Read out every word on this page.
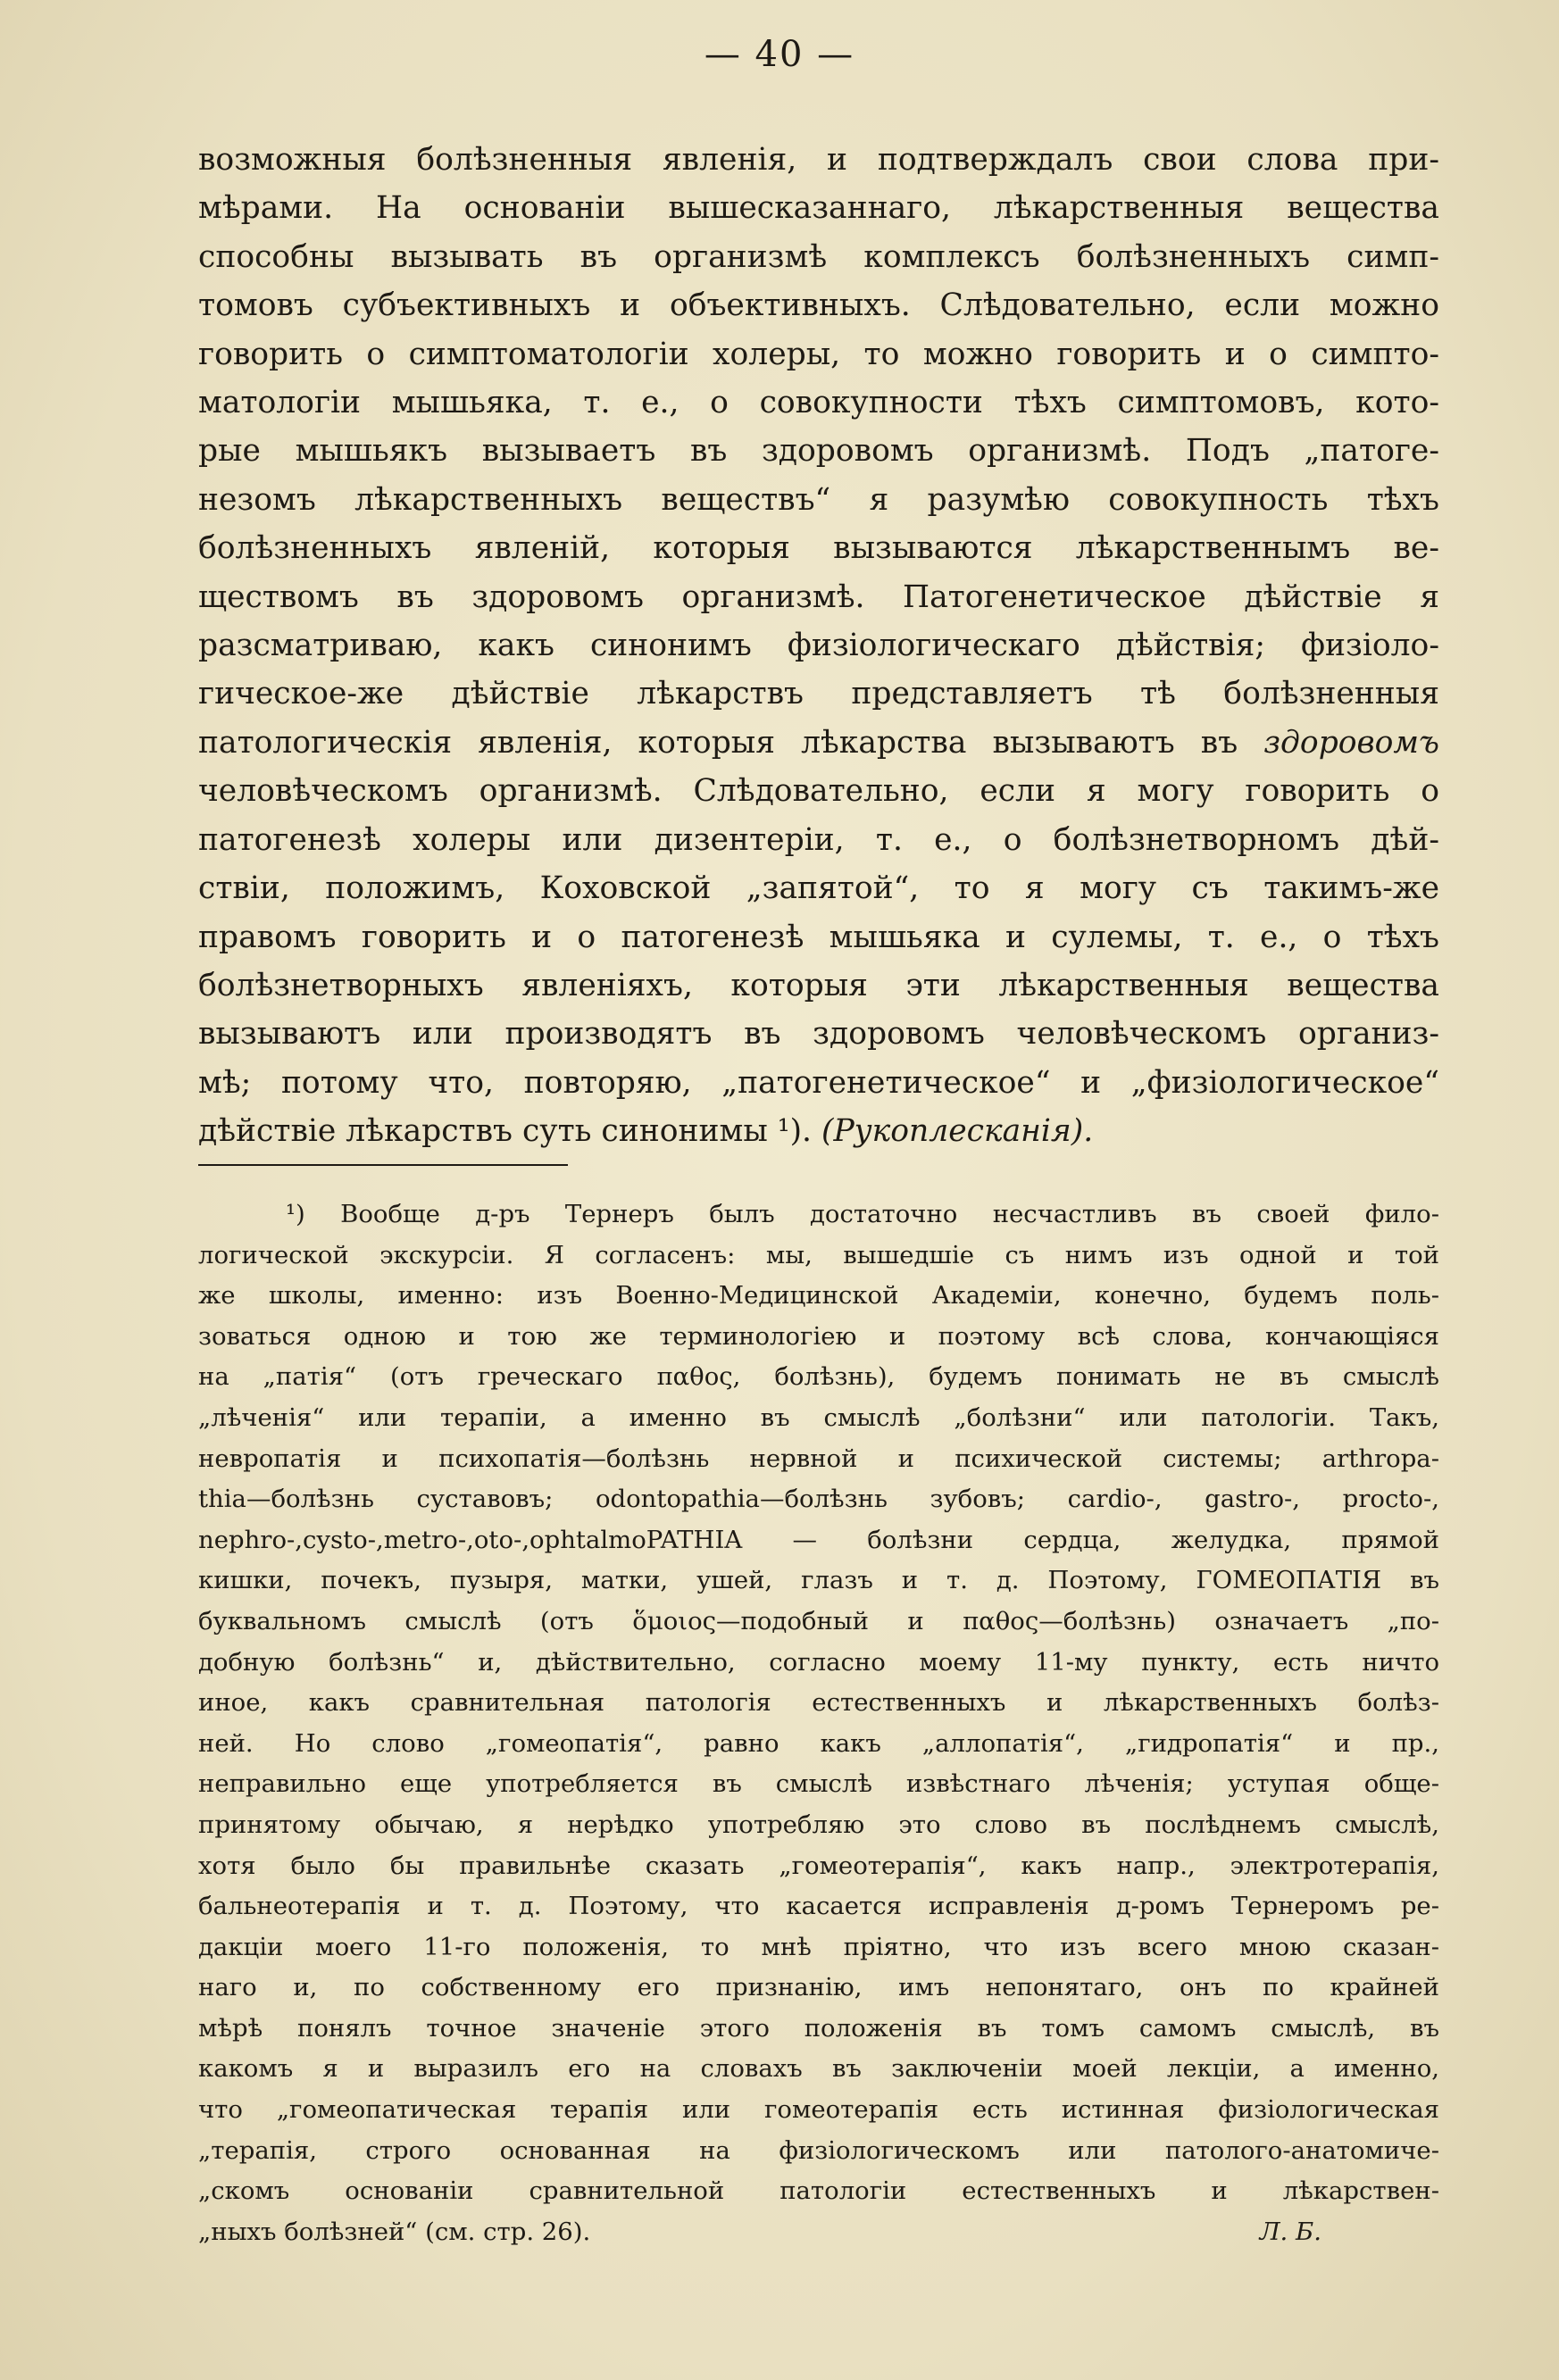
— 40 —
возможныя болѣзненныя явленія, и подтверждалъ свои слова при-
мѣрами. На основаніи вышесказаннаго, лѣкарственныя вещества
способны вызывать въ организмѣ комплексъ болѣзненныхъ симп-
томовъ субъективныхъ и объективныхъ. Слѣдовательно, если можно
говорить о симптоматологіи холеры, то можно говорить и о симпто-
матологіи мышьяка, т. е., о совокупности тѣхъ симптомовъ, кото-
рые мышьякъ вызываетъ въ здоровомъ организмѣ. Подъ „патоге-
незомъ лѣкарственныхъ веществъ“ я разумѣю совокупность тѣхъ
болѣзненныхъ явленій, которыя вызываются лѣкарственнымъ ве-
ществомъ въ здоровомъ организмѣ. Патогенетическое дѣйствіе я
разсматриваю, какъ синонимъ физіологическаго дѣйствія; физіоло-
гическое-же дѣйствіе лѣкарствъ представляетъ тѣ болѣзненныя
патологическія явленія, которыя лѣкарства вызываютъ въ здоровомъ
человѣческомъ организмѣ. Слѣдовательно, если я могу говорить о
патогенезѣ холеры или дизентеріи, т. е., о болѣзнетворномъ дѣй-
ствіи, положимъ, Коховской „запятой“, то я могу съ такимъ-же
правомъ говорить и о патогенезѣ мышьяка и сулемы, т. е., о тѣхъ
болѣзнетворныхъ явленіяхъ, которыя эти лѣкарственныя вещества
вызываютъ или производятъ въ здоровомъ человѣческомъ организ-
мѣ; потому что, повторяю, „патогенетическое“ и „физіологическое“
дѣйствіе лѣкарствъ суть синонимы ¹). (Рукоплесканія).
¹) Вообще д-ръ Тернеръ былъ достаточно несчастливъ въ своей фило-
логической экскурсіи. Я согласенъ: мы, вышедшіе съ нимъ изъ одной и той
же школы, именно: изъ Военно-Медицинской Академіи, конечно, будемъ поль-
зоваться одною и тою же терминологіею и поэтому всѣ слова, кончающіяся
на „патія“ (отъ греческаго παθος, болѣзнь), будемъ понимать не въ смыслѣ
„лѣченія“ или терапіи, а именно въ смыслѣ „болѣзни“ или патологіи. Такъ,
невропатія и психопатія—болѣзнь нервной и психической системы; arthropa-
thia—болѣзнь суставовъ; odontopathia—болѣзнь зубовъ; cardio-, gastro-, procto-,
nephro-,cysto-,metro-,oto-,ophtalmoPATHIA — болѣзни сердца, желудка, прямой
кишки, почекъ, пузыря, матки, ушей, глазъ и т. д. Поэтому, ГОМЕОПАТІЯ въ
буквальномъ смыслѣ (отъ ὅμοιος—подобный и παθος—болѣзнь) означаетъ „по-
добную болѣзнь“ и, дѣйствительно, согласно моему 11-му пункту, есть ничто
иное, какъ сравнительная патологія естественныхъ и лѣкарственныхъ болѣз-
ней. Но слово „гомеопатія“, равно какъ „аллопатія“, „гидропатія“ и пр.,
неправильно еще употребляется въ смыслѣ извѣстнаго лѣченія; уступая обще-
принятому обычаю, я нерѣдко употребляю это слово въ послѣднемъ смыслѣ,
хотя было бы правильнѣе сказать „гомеотерапія“, какъ напр., электротерапія,
бальнеотерапія и т. д. Поэтому, что касается исправленія д-ромъ Тернеромъ ре-
дакціи моего 11-го положенія, то мнѣ пріятно, что изъ всего мною сказан-
наго и, по собственному его признанію, имъ непонятаго, онъ по крайней
мѣрѣ понялъ точное значеніе этого положенія въ томъ самомъ смыслѣ, въ
какомъ я и выразилъ его на словахъ въ заключеніи моей лекціи, а именно,
что „гомеопатическая терапія или гомеотерапія есть истинная физіологическая
„терапія, строго основанная на физіологическомъ или патолого-анатомиче-
„скомъ основаніи сравнительной патологіи естественныхъ и лѣкарствен-
„ныхъ болѣзней“ (см. стр. 26).	Л. Б.
